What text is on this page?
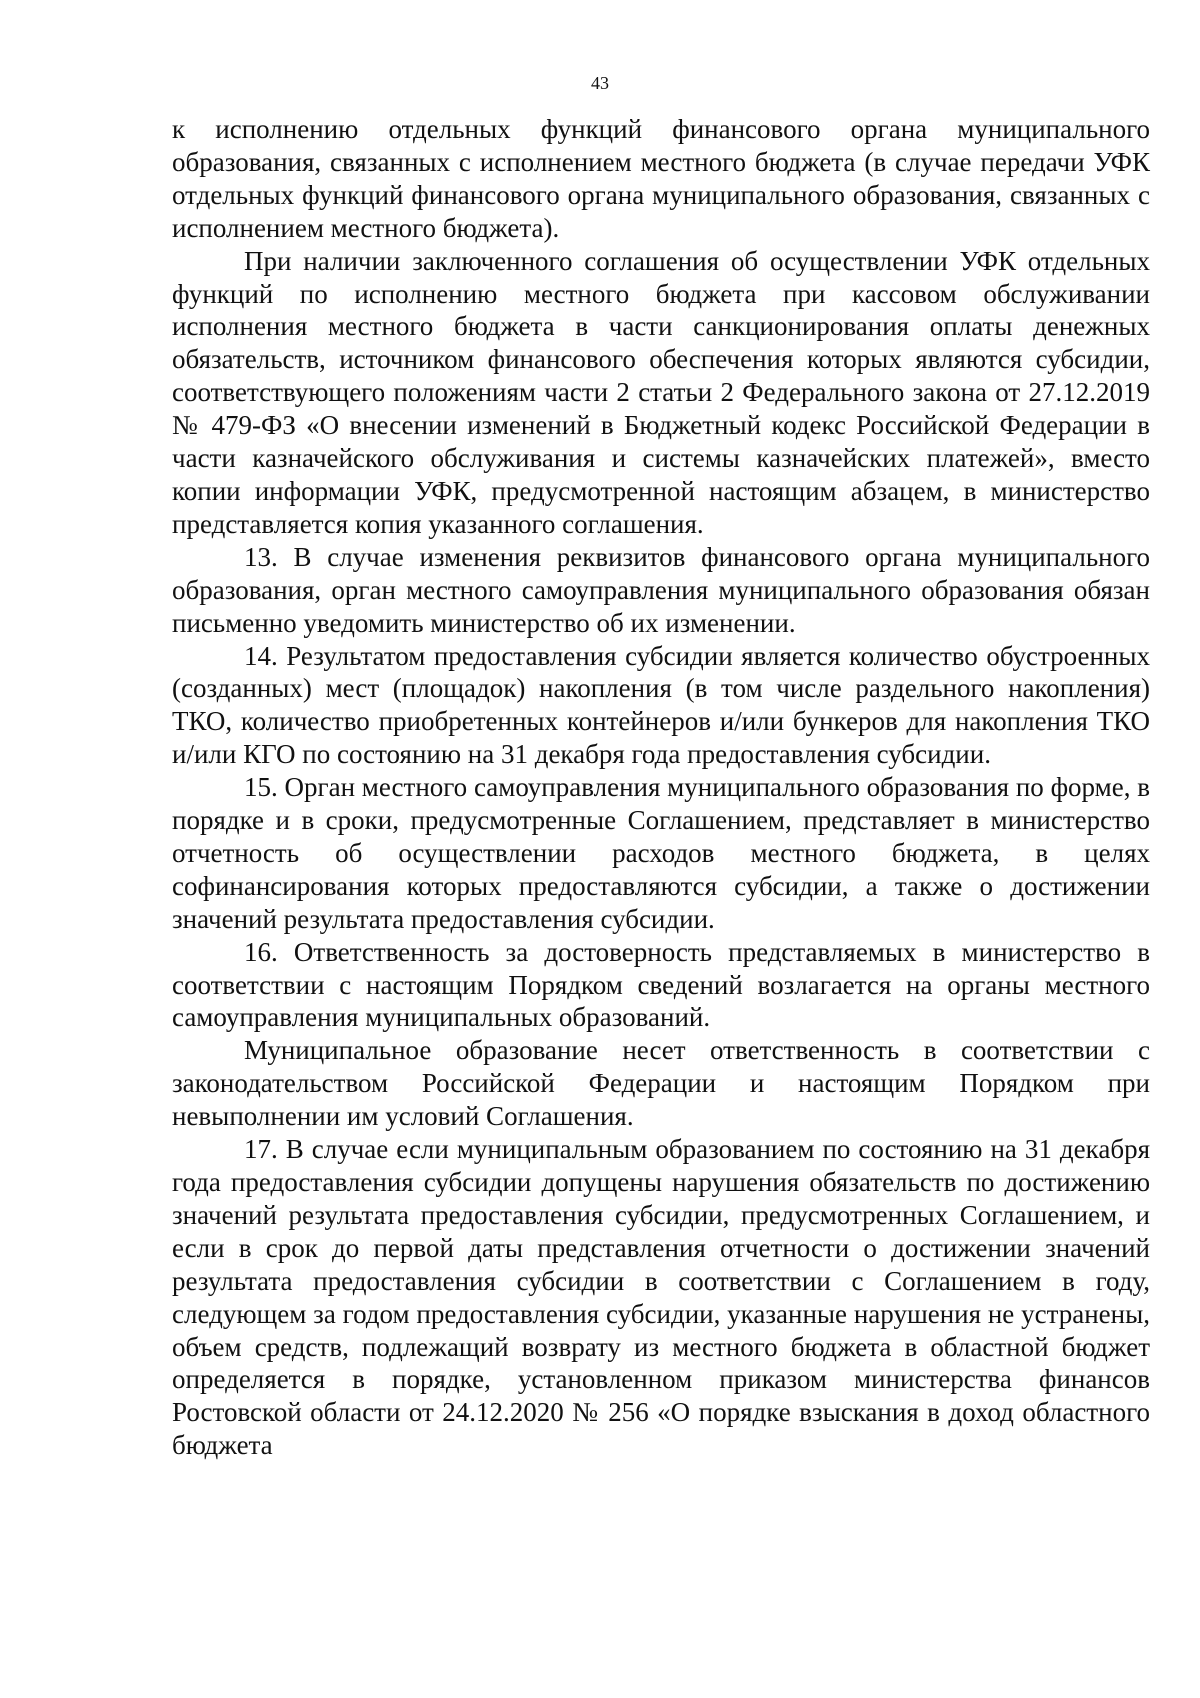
43

к исполнению отдельных функций финансового органа муниципального образования, связанных с исполнением местного бюджета (в случае передачи УФК отдельных функций финансового органа муниципального образования, связанных с исполнением местного бюджета).

При наличии заключенного соглашения об осуществлении УФК отдельных функций по исполнению местного бюджета при кассовом обслуживании исполнения местного бюджета в части санкционирования оплаты денежных обязательств, источником финансового обеспечения которых являются субсидии, соответствующего положениям части 2 статьи 2 Федерального закона от 27.12.2019 № 479-ФЗ «О внесении изменений в Бюджетный кодекс Российской Федерации в части казначейского обслуживания и системы казначейских платежей», вместо копии информации УФК, предусмотренной настоящим абзацем, в министерство представляется копия указанного соглашения.

13. В случае изменения реквизитов финансового органа муниципального образования, орган местного самоуправления муниципального образования обязан письменно уведомить министерство об их изменении.

14. Результатом предоставления субсидии является количество обустроенных (созданных) мест (площадок) накопления (в том числе раздельного накопления) ТКО, количество приобретенных контейнеров и/или бункеров для накопления ТКО и/или КГО по состоянию на 31 декабря года предоставления субсидии.

15. Орган местного самоуправления муниципального образования по форме, в порядке и в сроки, предусмотренные Соглашением, представляет в министерство отчетность об осуществлении расходов местного бюджета, в целях софинансирования которых предоставляются субсидии, а также о достижении значений результата предоставления субсидии.

16. Ответственность за достоверность представляемых в министерство в соответствии с настоящим Порядком сведений возлагается на органы местного самоуправления муниципальных образований.

Муниципальное образование несет ответственность в соответствии с законодательством Российской Федерации и настоящим Порядком при невыполнении им условий Соглашения.

17. В случае если муниципальным образованием по состоянию на 31 декабря года предоставления субсидии допущены нарушения обязательств по достижению значений результата предоставления субсидии, предусмотренных Соглашением, и если в срок до первой даты представления отчетности о достижении значений результата предоставления субсидии в соответствии с Соглашением в году, следующем за годом предоставления субсидии, указанные нарушения не устранены, объем средств, подлежащий возврату из местного бюджета в областной бюджет определяется в порядке, установленном приказом министерства финансов Ростовской области от 24.12.2020 № 256 «О порядке взыскания в доход областного бюджета
